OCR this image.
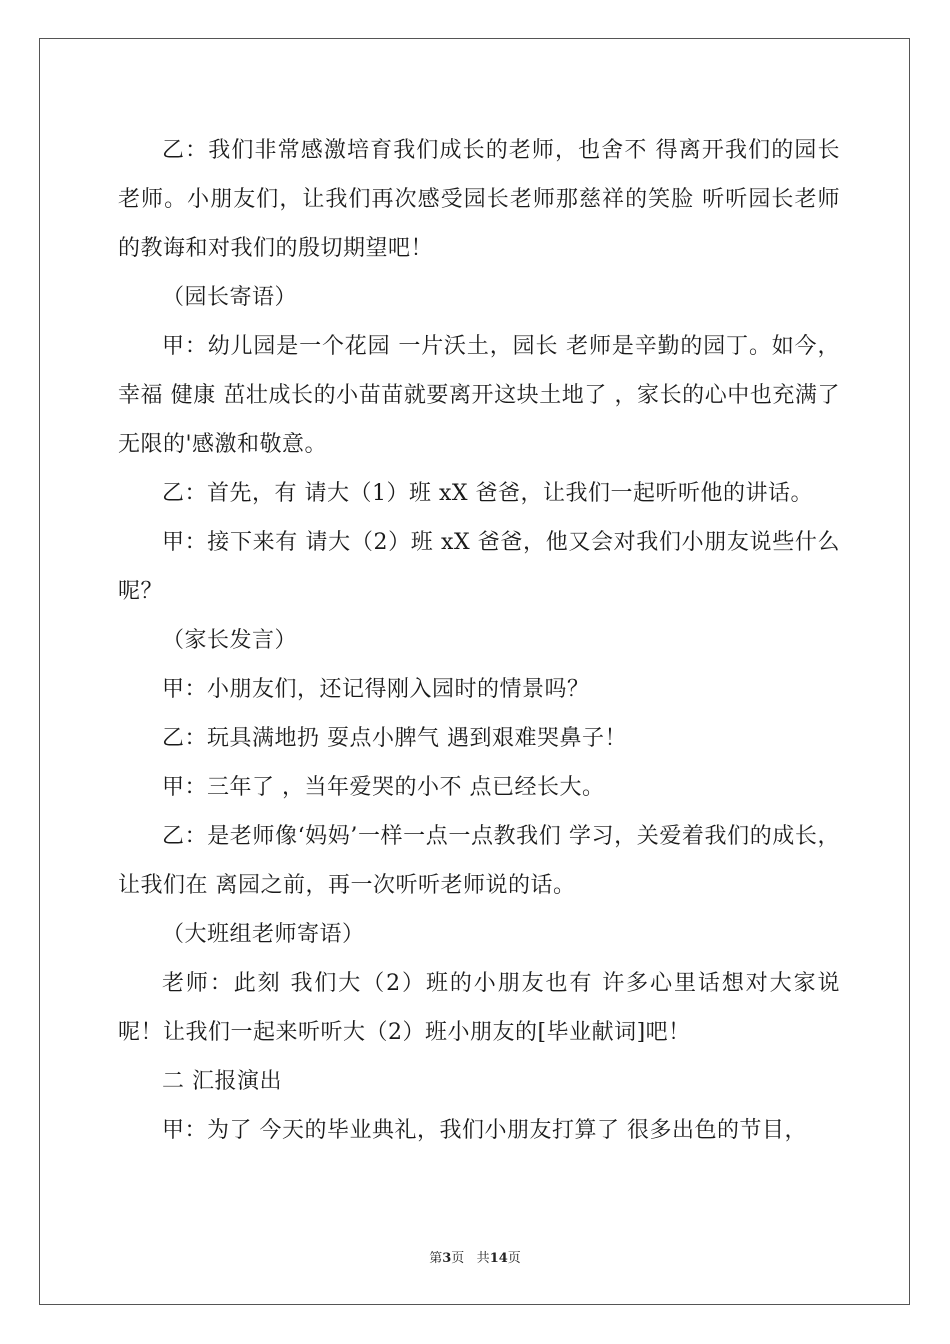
乙：我们非常感激培育我们成长的老师，也舍不 得离开我们的园长老师。小朋友们，让我们再次感受园长老师那慈祥的笑脸 听听园长老师的教诲和对我们的殷切期望吧！

（园长寄语）

甲：幼儿园是一个花园 一片沃土，园长 老师是辛勤的园丁。如今，幸福 健康 茁壮成长的小苗苗就要离开这块土地了 ，家长的心中也充满了 无限的'感激和敬意。

乙：首先，有 请大（1）班 xX 爸爸，让我们一起听听他的讲话。

甲：接下来有 请大（2）班 xX 爸爸，他又会对我们小朋友说些什么呢？

（家长发言）

甲：小朋友们，还记得刚入园时的情景吗？

乙：玩具满地扔 耍点小脾气 遇到艰难哭鼻子！

甲：三年了 ，当年爱哭的小不 点已经长大。

乙：是老师像‘妈妈’一样一点一点教我们 学习，关爱着我们的成长，让我们在 离园之前，再一次听听老师说的话。

（大班组老师寄语）

老师：此刻 我们大（2）班的小朋友也有 许多心里话想对大家说呢！让我们一起来听听大（2）班小朋友的[毕业献词]吧！

二 汇报演出

甲：为了 今天的毕业典礼，我们小朋友打算了 很多出色的节目，

第3页 共14页
